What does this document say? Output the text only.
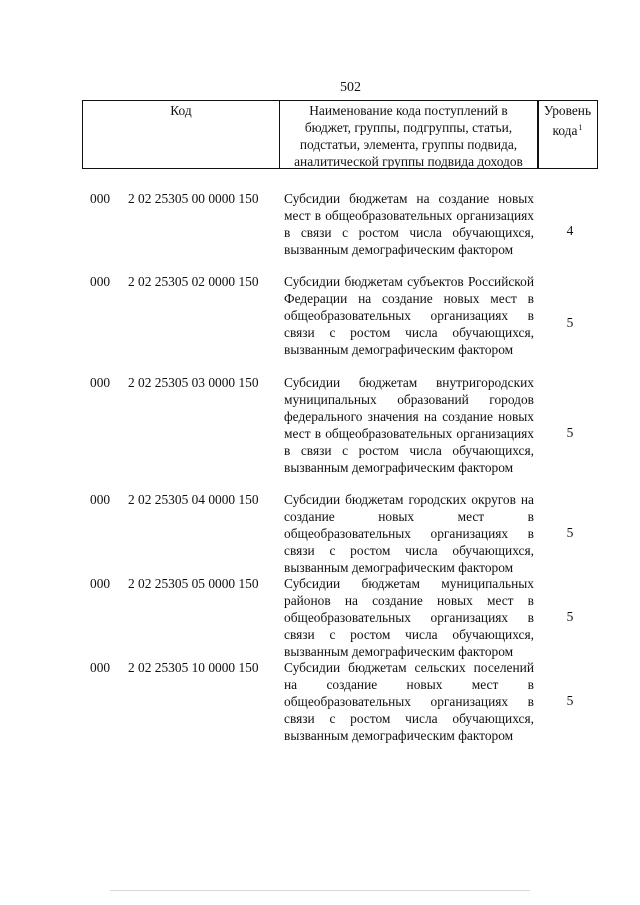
502
Код	Наименование кода поступлений в
бюджет, группы, подгруппы, статьи,
подстатьи, элемента, группы подвида,
аналитической группы подвида доходов
Уровень
кода$^1$
000 2 02 25305 00 0000 150 Субсидии бюджетам на создание новых мест в общеобразовательных организациях в связи с ростом числа обучающихся, вызванным демографическим фактором
4
000 2 02 25305 02 0000 150 Субсидии бюджетам субъектов Российской Федерации на создание новых мест в общеобразовательных организациях в связи с ростом числа обучающихся, вызванным демографическим фактором
5
000 2 02 25305 03 0000 150 Субсидии бюджетам внутригородских муниципальных образований городов федерального значения на создание новых мест в общеобразовательных организациях в связи с ростом числа обучающихся, вызванным демографическим фактором
5
000 2 02 25305 04 0000 150 Субсидии бюджетам городских округов на создание новых мест в общеобразовательных организациях в связи с ростом числа обучающихся, вызванным демографическим фактором
5
000 2 02 25305 05 0000 150 Субсидии бюджетам муниципальных районов на создание новых мест в общеобразовательных организациях в связи с ростом числа обучающихся, вызванным демографическим фактором
5
000 2 02 25305 10 0000 150 Субсидии бюджетам сельских поселений на создание новых мест в общеобразовательных организациях в связи с ростом числа обучающихся, вызванным демографическим фактором
5
